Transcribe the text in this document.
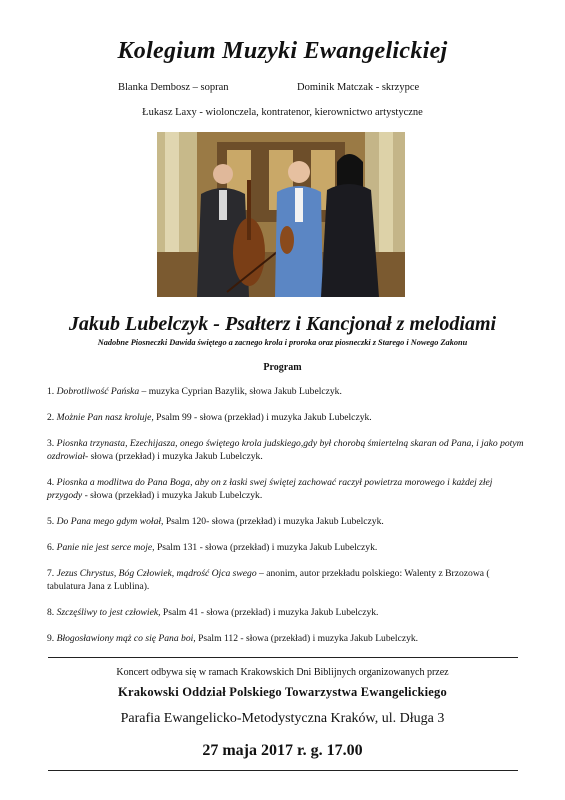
Kolegium Muzyki Ewangelickiej
Blanka Dembosz – sopran	Dominik Matczak - skrzypce
Łukasz Laxy - wiolonczela, kontratenor, kierownictwo artystyczne
Jakub Lubelczyk - Psałterz i Kancjonał z melodiami
Nadobne Piosneczki Dawida świętego a zacnego krola i proroka oraz piosneczki z Starego i Nowego Zakonu
Program
1. Dobrotliwość Pańska – muzyka Cyprian Bazylik, słowa Jakub Lubelczyk.
2. Możnie Pan nasz kroluje, Psalm 99 - słowa (przekład) i muzyka Jakub Lubelczyk.
3. Piosnka trzynasta, Ezechijasza, onego świętego krola judskiego,gdy był chorobą śmiertelną skaran od Pana, i jako potym ozdrowiał- słowa (przekład) i muzyka Jakub Lubelczyk.
4. Piosnka a modlitwa do Pana Boga, aby on z łaski swej świętej zachować raczył powietrza morowego i każdej złej przygody - słowa (przekład) i muzyka Jakub Lubelczyk.
5. Do Pana mego gdym wołał, Psalm 120- słowa (przekład) i muzyka Jakub Lubelczyk.
6. Panie nie jest serce moje, Psalm 131 - słowa (przekład) i muzyka Jakub Lubelczyk.
7. Jezus Chrystus, Bóg Człowiek, mądrość Ojca swego – anonim, autor przekładu polskiego: Walenty z Brzozowa ( tabulatura Jana z Lublina).
8. Szczęśliwy to jest człowiek, Psalm 41 - słowa (przekład) i muzyka Jakub Lubelczyk.
9. Błogosławiony mąż co się Pana boi, Psalm 112 - słowa (przekład) i muzyka Jakub Lubelczyk.
Koncert odbywa się w ramach Krakowskich Dni Biblijnych organizowanych przez
Krakowski Oddział Polskiego Towarzystwa Ewangelickiego
Parafia Ewangelicko-Metodystyczna Kraków, ul. Długa 3
27 maja 2017 r. g. 17.00
